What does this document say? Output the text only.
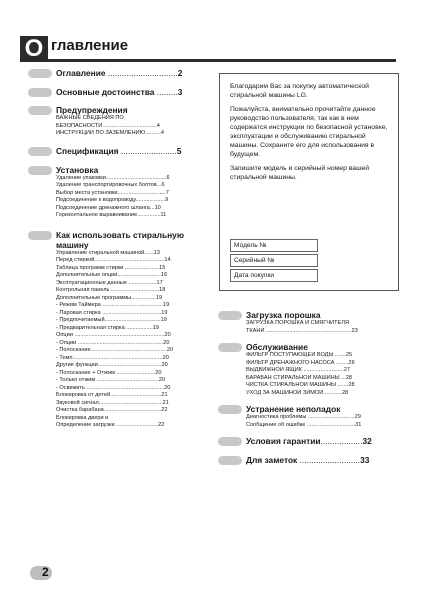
О главление
Оглавление ..............................2
Основные достоинства .........3
Предупреждения
ВАЖНЫЕ СВЕДЕНИЯ ПО
БЕЗОПАСНОСТИ...................................4
ИНСТРУКЦИИ ПО ЗАЗЕМЛЕНИЮ..........4
Спецификация ........................5
Установка
Удаление упаковки.......................................6
Удаление транспортировочных болтов...6
Выбор места установки...............................7
Подсоединение к водопроводу...................9
Подсоединение дренажного шланга...10
Горизонтальное выравнивание...............11
Как использовать стиральную машину
Управление стиральной машиной......13
Перед стиркой.............................................14
Таблица программ стирки ......................15
Дополнительные опции............................16
Эксплуатационные данные ..................17
Контрольная панель ...............................18
Дополнительные программы................19
- Режим Таймера .......................................19
- Паровая стирка ......................................19
- Предпочитаемый....................................19
- Предварительная стирка .................19
Опции ..........................................................20
- Опции .......................................................20
- Полоскание.................................................20
- Темп..........................................................20
Другие функции.........................................20
- Полоскание + Отжим .........................20
- Только отжим ........................................20
- Освежить ..................................................20
Блокировка от детей.................................21
Звуковой сигнал.........................................21
Очистка барабана.....................................22
Блокировка двери и
Определение загрузки ...........................22

Благодарим Вас за покупку автоматической стиральной машины LG.

Пожалуйста, внимательно прочитайте данное руководство пользователя, так как в нем содержатся инструкции по безопасной установке, эксплуатации и обслуживанию стиральной машины. Сохраните его для использования в будущем.

Запишите модель и серийный номер вашей стиральной машины.

Модель №
Серийный №
Дата покупки
Загрузка порошка
ЗАГРУЗКА ПОРОШКА И СМЯГЧИТЕЛЯ
ТКАНИ .......................................................23
Обслуживание
ФИЛЬТР ПОСТУПАЮЩЕЙ ВОДЫ .......25
ФИЛЬТР ДРЕНАЖНОГО НАСОСА ........26
ВЫДВИЖНОЙ ЯЩИК ..........................27
БАРАБАН СТИРАЛЬНОЙ МАШИНЫ ...28
ЧИСТКА СТИРАЛЬНОЙ МАШИНЫ .......28
УХОД ЗА МАШИНОЙ ЗИМОЙ............28
Устранение неполадок
Диагностика проблемы ..............................29
Сообщение об ошибке ...............................31
Условия гарантии..................32
Для заметок ..........................33
2
